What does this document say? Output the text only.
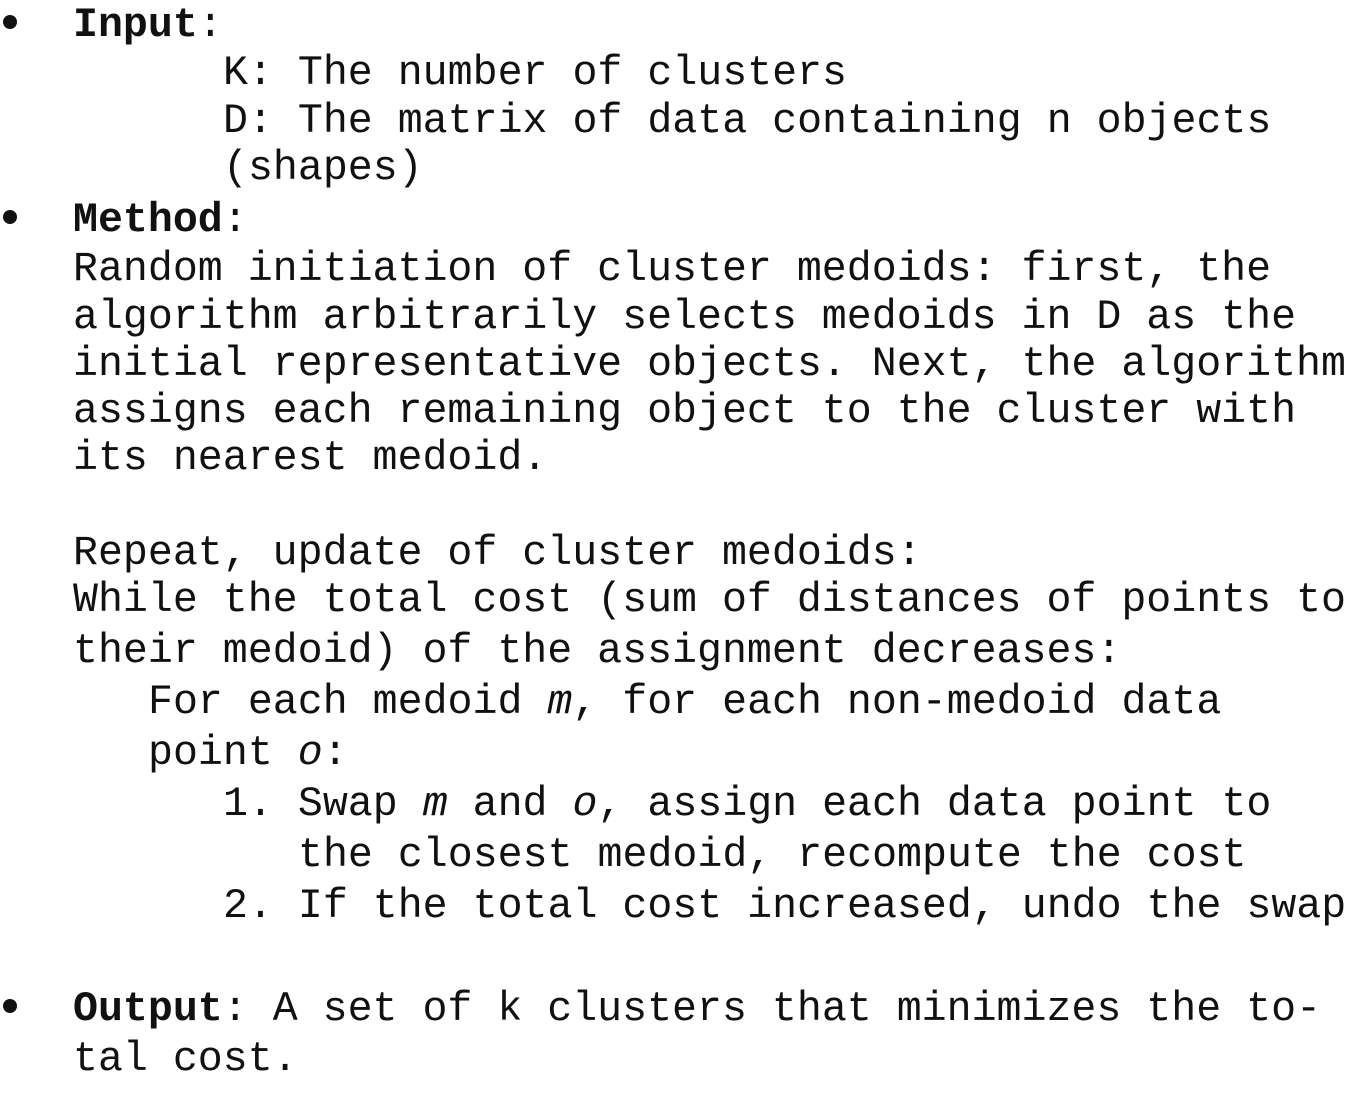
Input:
K: The number of clusters
D: The matrix of data containing n objects
(shapes)
Method:
Random initiation of cluster medoids: first, the
algorithm arbitrarily selects medoids in D as the
initial representative objects. Next, the algorithm
assigns each remaining object to the cluster with
its nearest medoid.
Repeat, update of cluster medoids:
While the total cost (sum of distances of points to
their medoid) of the assignment decreases:
For each medoid m, for each non-medoid data
point o:
1. Swap m and o, assign each data point to
the closest medoid, recompute the cost
2. If the total cost increased, undo the swap
Output: A set of k clusters that minimizes the to-
tal cost.
